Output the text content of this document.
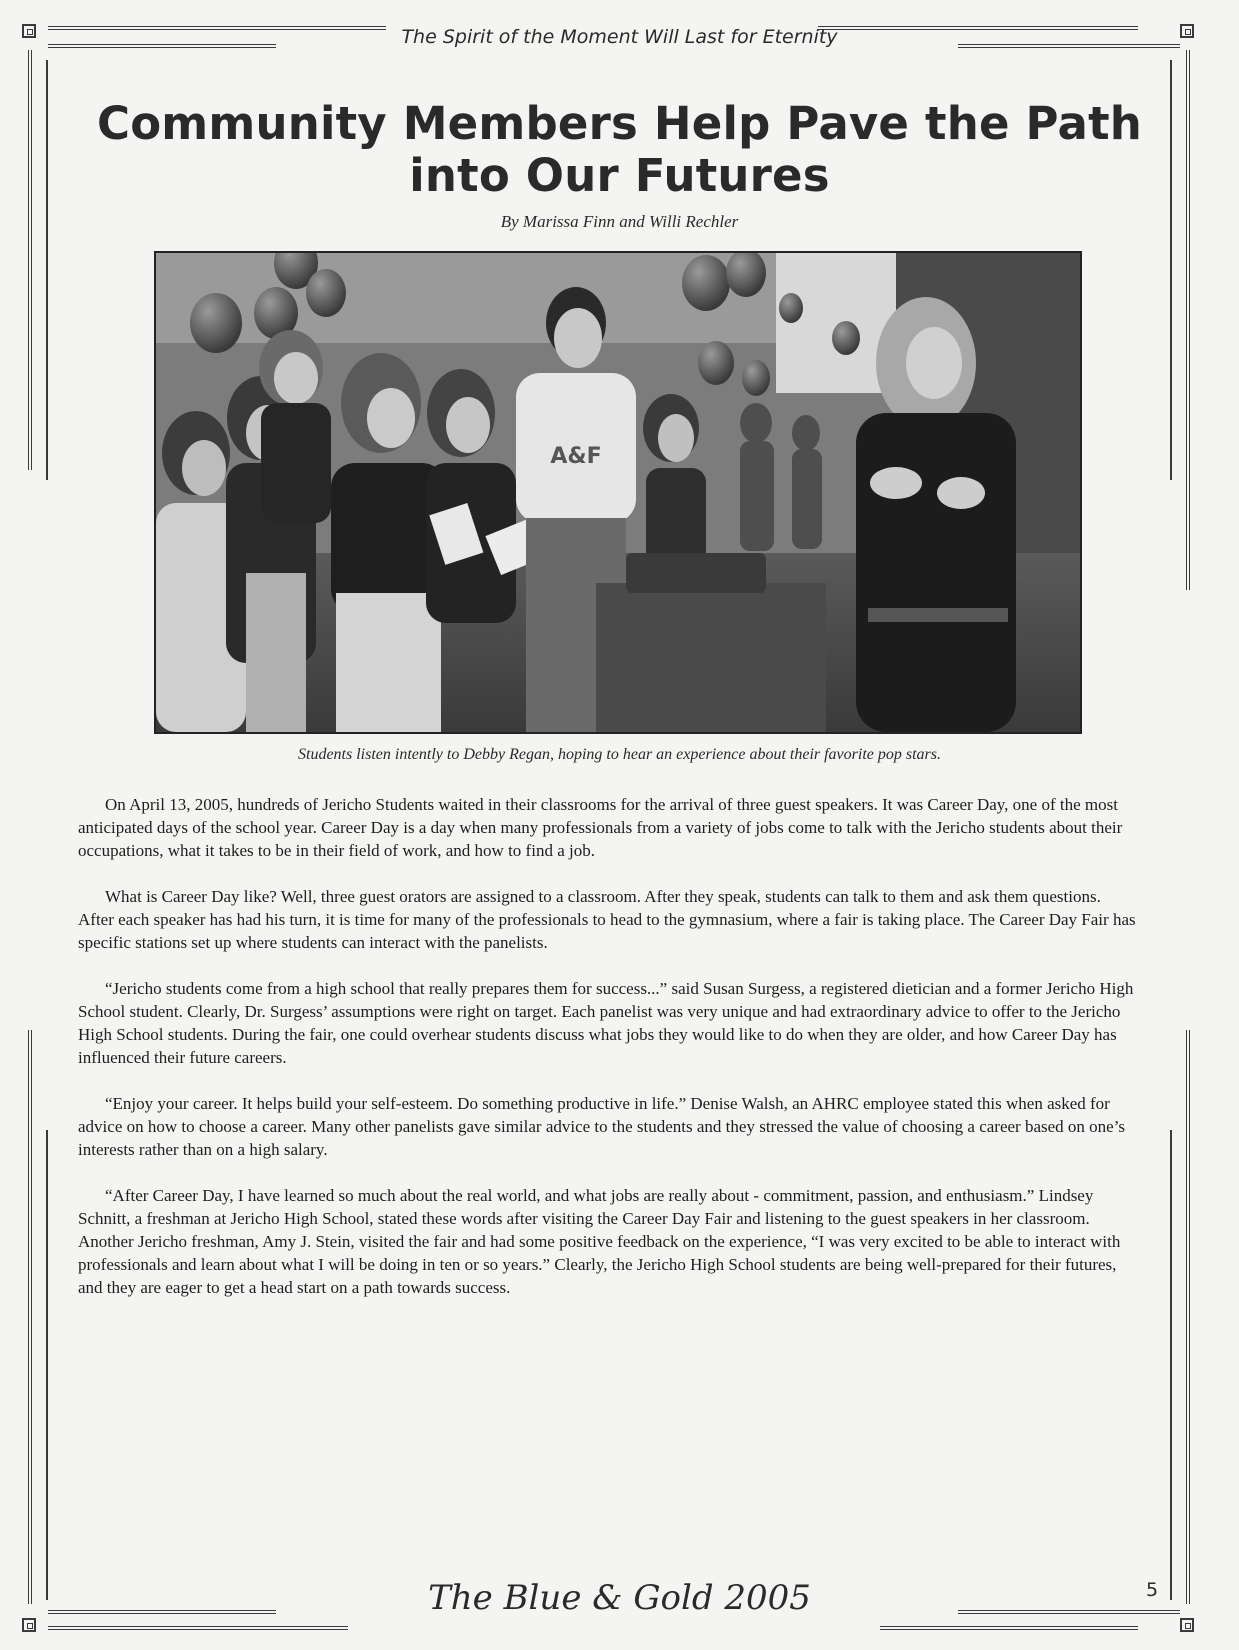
The Spirit of the Moment Will Last for Eternity
Community Members Help Pave the Path into Our Futures
By Marissa Finn and Willi Rechler
A&F
Students listen intently to Debby Regan, hoping to hear an experience about their favorite pop stars.

On April 13, 2005, hundreds of Jericho Students waited in their classrooms for the arrival of three guest speakers. It was Career Day, one of the most anticipated days of the school year. Career Day is a day when many professionals from a variety of jobs come to talk with the Jericho students about their occupations, what it takes to be in their field of work, and how to find a job.

What is Career Day like? Well, three guest orators are assigned to a classroom. After they speak, students can talk to them and ask them questions. After each speaker has had his turn, it is time for many of the professionals to head to the gymnasium, where a fair is taking place. The Career Day Fair has specific stations set up where students can interact with the panelists.

“Jericho students come from a high school that really prepares them for success...” said Susan Surgess, a registered dietician and a former Jericho High School student. Clearly, Dr. Surgess’ assumptions were right on target. Each panelist was very unique and had extraordinary advice to offer to the Jericho High School students. During the fair, one could overhear students discuss what jobs they would like to do when they are older, and how Career Day has influenced their future careers.

“Enjoy your career. It helps build your self-esteem. Do something productive in life.” Denise Walsh, an AHRC employee stated this when asked for advice on how to choose a career. Many other panelists gave similar advice to the students and they stressed the value of choosing a career based on one’s interests rather than on a high salary.

“After Career Day, I have learned so much about the real world, and what jobs are really about - commitment, passion, and enthusiasm.” Lindsey Schnitt, a freshman at Jericho High School, stated these words after visiting the Career Day Fair and listening to the guest speakers in her classroom. Another Jericho freshman, Amy J. Stein, visited the fair and had some positive feedback on the experience, “I was very excited to be able to interact with professionals and learn about what I will be doing in ten or so years.” Clearly, the Jericho High School students are being well-prepared for their futures, and they are eager to get a head start on a path towards success.

The Blue & Gold 2005	5
